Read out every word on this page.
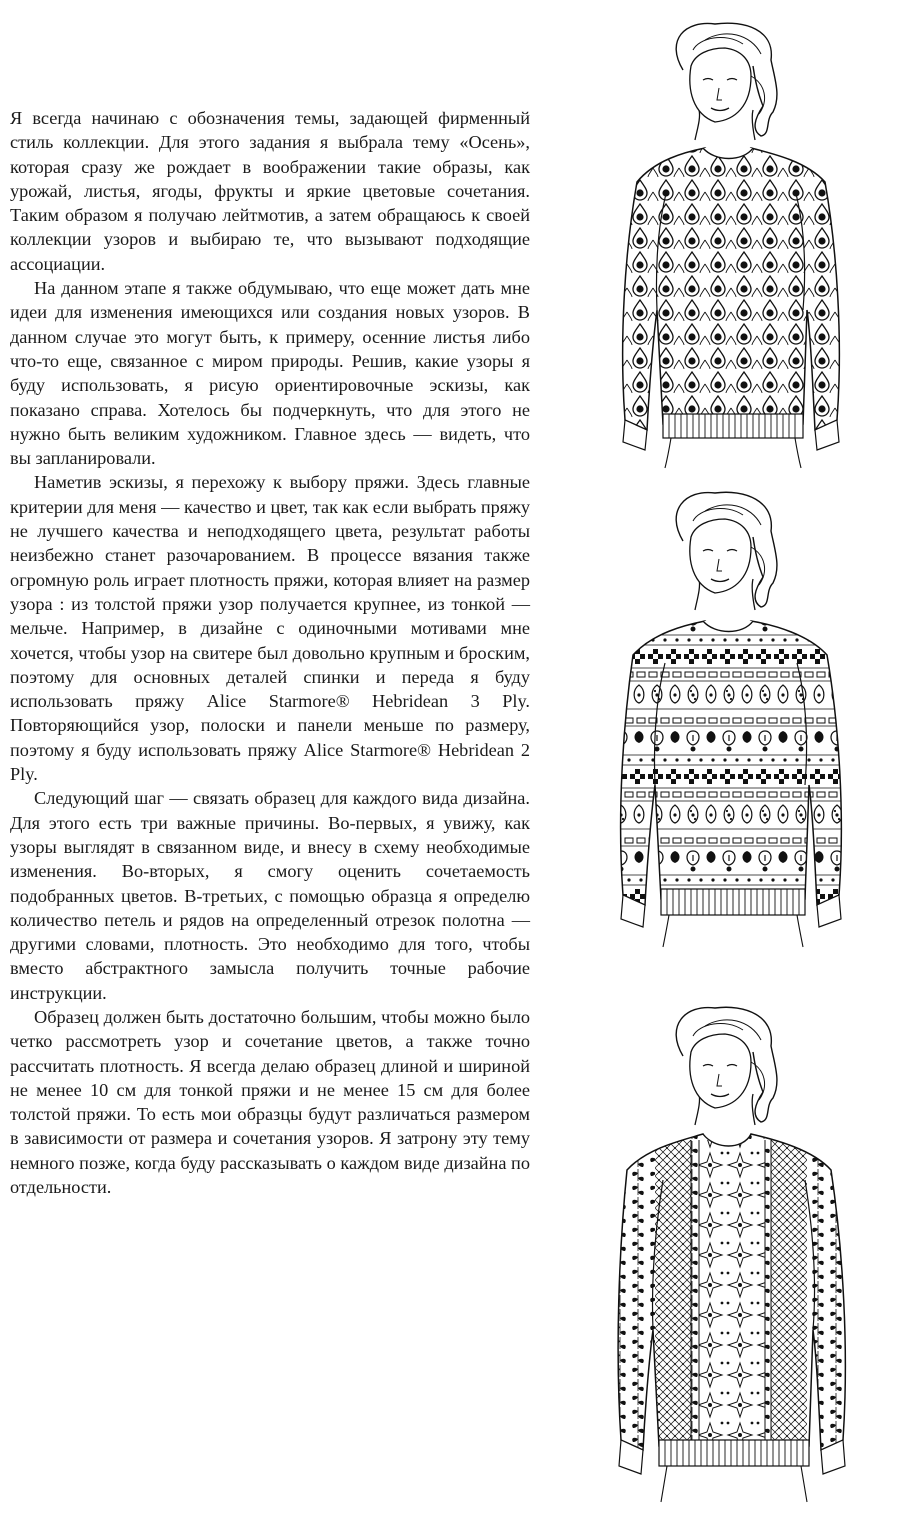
Я всегда начинаю с обозначения темы, задающей фирменный стиль коллекции. Для этого задания я выбрала тему «Осень», которая сразу же рождает в воображении такие образы, как урожай, листья, ягоды, фрукты и яркие цветовые сочетания. Таким образом я получаю лейтмотив, а затем обращаюсь к своей коллекции узоров и выбираю те, что вызывают подходящие ассоциации.

На данном этапе я также обдумываю, что еще может дать мне идеи для изменения имеющихся или создания новых узоров. В данном случае это могут быть, к примеру, осенние листья либо что-то еще, связанное с миром природы. Решив, какие узоры я буду использовать, я рисую ориентировочные эскизы, как показано справа. Хотелось бы подчеркнуть, что для этого не нужно быть великим художником. Главное здесь — видеть, что вы запланировали.

Наметив эскизы, я перехожу к выбору пряжи. Здесь главные критерии для меня — качество и цвет, так как если выбрать пряжу не лучшего качества и неподходящего цвета, результат работы неизбежно станет разочарованием. В процессе вязания также огромную роль играет плотность пряжи, которая влияет на размер узора : из толстой пряжи узор получается крупнее, из тонкой — мельче. Например, в дизайне с одиночными мотивами мне хочется, чтобы узор на свитере был довольно крупным и броским, поэтому для основных деталей спинки и переда я буду использовать пряжу Alice Starmore® Hebridean 3 Ply. Повторяющийся узор, полоски и панели меньше по размеру, поэтому я буду использовать пряжу Alice Starmore® Hebridean 2 Ply.

Следующий шаг — связать образец для каждого вида дизайна. Для этого есть три важные причины. Во-первых, я увижу, как узоры выглядят в связанном виде, и внесу в схему необходимые изменения. Во-вторых, я смогу оценить сочетаемость подобранных цветов. В-третьих, с помощью образца я определю количество петель и рядов на определенный отрезок полотна — другими словами, плотность. Это необходимо для того, чтобы вместо абстрактного замысла получить точные рабочие инструкции.

Образец должен быть достаточно большим, чтобы можно было четко рассмотреть узор и сочетание цветов, а также точно рассчитать плотность. Я всегда делаю образец длиной и шириной не менее 10 см для тонкой пряжи и не менее 15 см для более толстой пряжи. То есть мои образцы будут различаться размером в зависимости от размера и сочетания узоров. Я затрону эту тему немного позже, когда буду рассказывать о каждом виде дизайна по отдельности.
